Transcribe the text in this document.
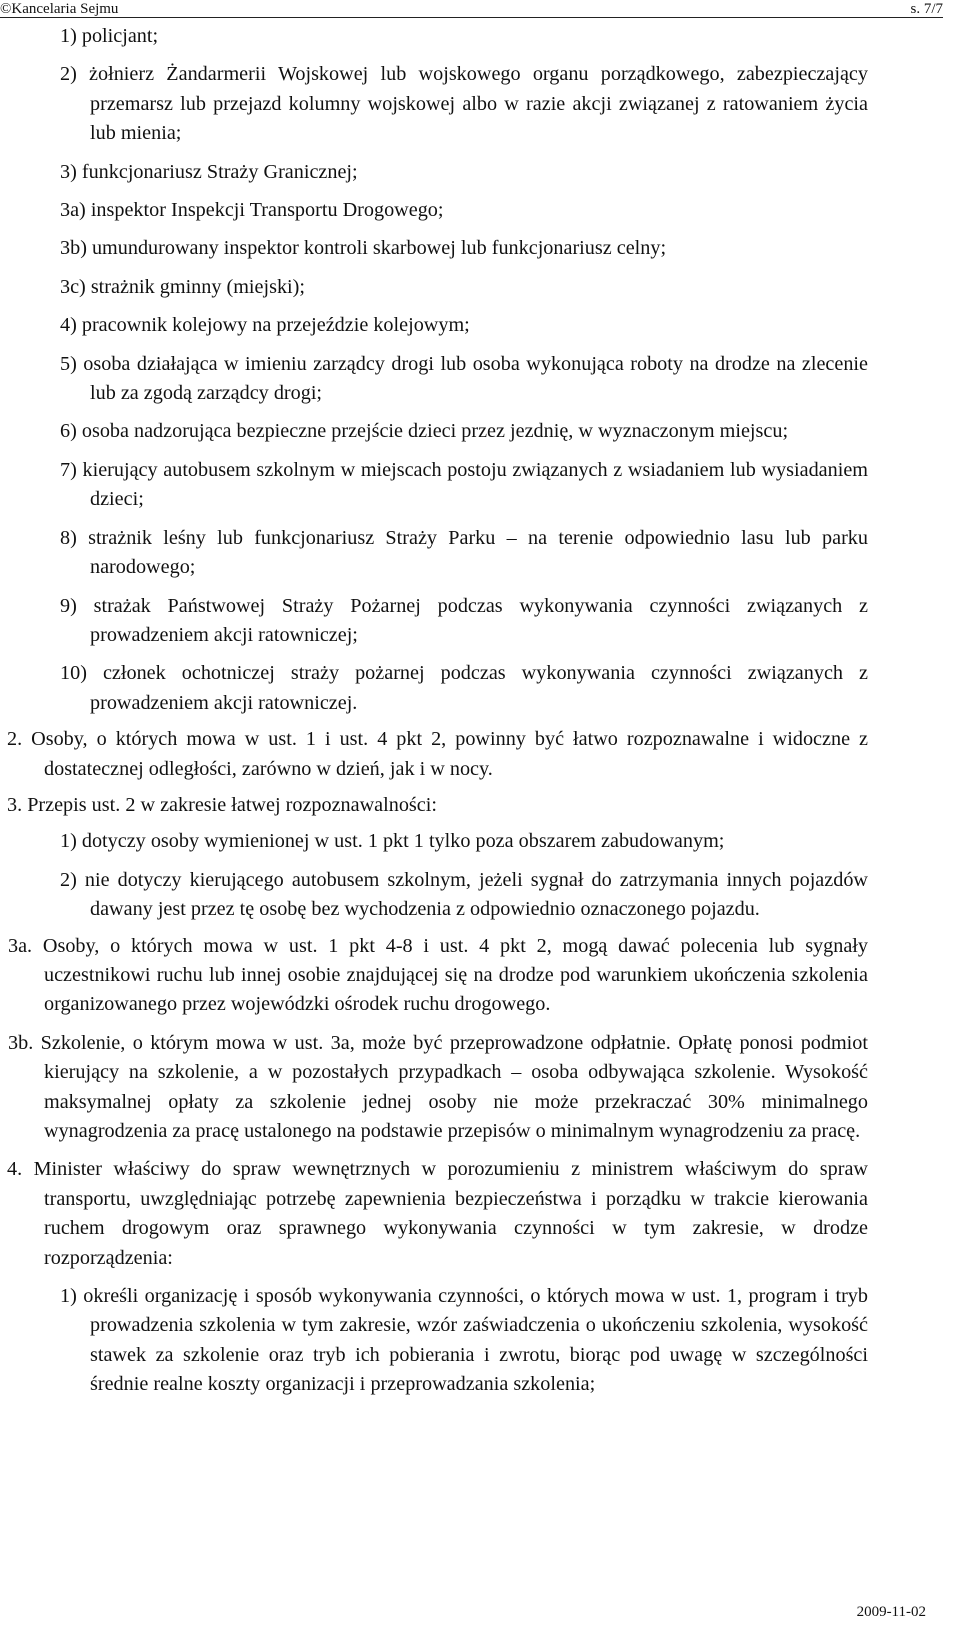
©Kancelaria Sejmu	s. 7/7

1) policjant;

2) żołnierz Żandarmerii Wojskowej lub wojskowego organu porządkowego, zabezpieczający przemarsz lub przejazd kolumny wojskowej albo w razie akcji związanej z ratowaniem życia lub mienia;

3) funkcjonariusz Straży Granicznej;

3a) inspektor Inspekcji Transportu Drogowego;

3b) umundurowany inspektor kontroli skarbowej lub funkcjonariusz celny;

3c) strażnik gminny (miejski);

4) pracownik kolejowy na przejeździe kolejowym;

5) osoba działająca w imieniu zarządcy drogi lub osoba wykonująca roboty na drodze na zlecenie lub za zgodą zarządcy drogi;

6) osoba nadzorująca bezpieczne przejście dzieci przez jezdnię, w wyznaczonym miejscu;

7) kierujący autobusem szkolnym w miejscach postoju związanych z wsiadaniem lub wysiadaniem dzieci;

8) strażnik leśny lub funkcjonariusz Straży Parku – na terenie odpowiednio lasu lub parku narodowego;

9) strażak Państwowej Straży Pożarnej podczas wykonywania czynności związanych z prowadzeniem akcji ratowniczej;

10) członek ochotniczej straży pożarnej podczas wykonywania czynności związanych z prowadzeniem akcji ratowniczej.

2. Osoby, o których mowa w ust. 1 i ust. 4 pkt 2, powinny być łatwo rozpoznawalne i widoczne z dostatecznej odległości, zarówno w dzień, jak i w nocy.

3. Przepis ust. 2 w zakresie łatwej rozpoznawalności:

1) dotyczy osoby wymienionej w ust. 1 pkt 1 tylko poza obszarem zabudowanym;

2) nie dotyczy kierującego autobusem szkolnym, jeżeli sygnał do zatrzymania innych pojazdów dawany jest przez tę osobę bez wychodzenia z odpowiednio oznaczonego pojazdu.

3a. Osoby, o których mowa w ust. 1 pkt 4-8 i ust. 4 pkt 2, mogą dawać polecenia lub sygnały uczestnikowi ruchu lub innej osobie znajdującej się na drodze pod warunkiem ukończenia szkolenia organizowanego przez wojewódzki ośrodek ruchu drogowego.

3b. Szkolenie, o którym mowa w ust. 3a, może być przeprowadzone odpłatnie. Opłatę ponosi podmiot kierujący na szkolenie, a w pozostałych przypadkach – osoba odbywająca szkolenie. Wysokość maksymalnej opłaty za szkolenie jednej osoby nie może przekraczać 30% minimalnego wynagrodzenia za pracę ustalonego na podstawie przepisów o minimalnym wynagrodzeniu za pracę.

4. Minister właściwy do spraw wewnętrznych w porozumieniu z ministrem właściwym do spraw transportu, uwzględniając potrzebę zapewnienia bezpieczeństwa i porządku w trakcie kierowania ruchem drogowym oraz sprawnego wykonywania czynności w tym zakresie, w drodze rozporządzenia:

1) określi organizację i sposób wykonywania czynności, o których mowa w ust. 1, program i tryb prowadzenia szkolenia w tym zakresie, wzór zaświadczenia o ukończeniu szkolenia, wysokość stawek za szkolenie oraz tryb ich pobierania i zwrotu, biorąc pod uwagę w szczególności średnie realne koszty organizacji i przeprowadzania szkolenia;

2009-11-02
